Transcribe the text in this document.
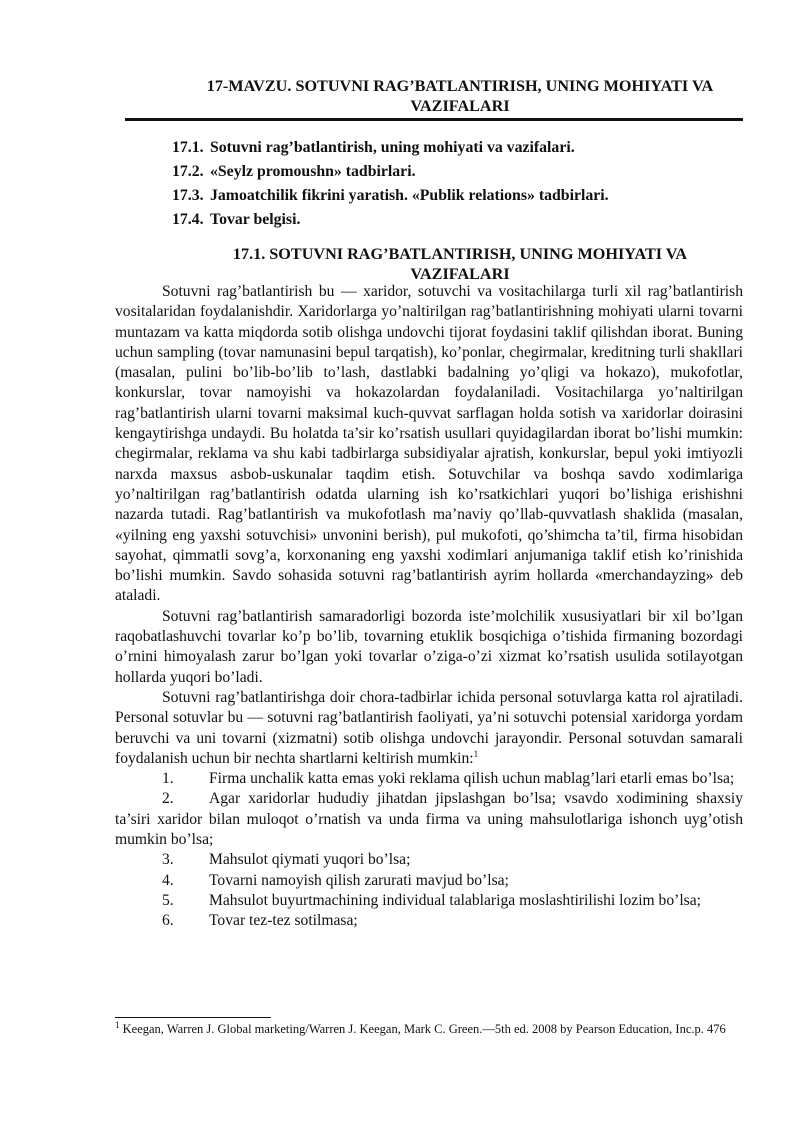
17-MAVZU. SOTUVNI RAG’BATLANTIRISH, UNING MOHIYATI VA
VAZIFALARI
17.1. Sotuvni rag’batlantirish, uning mohiyati va vazifalari.
17.2. «Seylz promoushn» tadbirlari.
17.3. Jamoatchilik fikrini yaratish. «Publik relations» tadbirlari.
17.4. Tovar belgisi.
17.1. SOTUVNI RAG’BATLANTIRISH, UNING MOHIYATI VA
VAZIFALARI

Sotuvni rag’batlantirish bu — xaridor, sotuvchi va vositachilarga turli xil rag’batlantirish vositalaridan foydalanishdir. Xaridorlarga yo’naltirilgan rag’batlantirishning mohiyati ularni tovarni muntazam va katta miqdorda sotib olishga undovchi tijorat foydasini taklif qilishdan iborat. Buning uchun sampling (tovar namunasini bepul tarqatish), ko’ponlar, chegirmalar, kreditning turli shakllari (masalan, pulini bo’lib-bo’lib to’lash, dastlabki badalning yo’qligi va hokazo), mukofotlar, konkurslar, tovar namoyishi va hokazolardan foydalaniladi. Vositachilarga yo’naltirilgan rag’batlantirish ularni tovarni maksimal kuch-quvvat sarflagan holda sotish va xaridorlar doirasini kengaytirishga undaydi. Bu holatda ta’sir ko’rsatish usullari quyidagilardan iborat bo’lishi mumkin: chegirmalar, reklama va shu kabi tadbirlarga subsidiyalar ajratish, konkurslar, bepul yoki imtiyozli narxda maxsus asbob-uskunalar taqdim etish. Sotuvchilar va boshqa savdo xodimlariga yo’naltirilgan rag’batlantirish odatda ularning ish ko’rsatkichlari yuqori bo’lishiga erishishni nazarda tutadi. Rag’batlantirish va mukofotlash ma’naviy qo’llab-quvvatlash shaklida (masalan, «yilning eng yaxshi sotuvchisi» unvonini berish), pul mukofoti, qo’shimcha ta’til, firma hisobidan sayohat, qimmatli sovg’a, korxonaning eng yaxshi xodimlari anjumaniga taklif etish ko’rinishida bo’lishi mumkin. Savdo sohasida sotuvni rag’batlantirish ayrim hollarda «merchandayzing» deb ataladi.

Sotuvni rag’batlantirish samaradorligi bozorda iste’molchilik xususiyatlari bir xil bo’lgan raqobatlashuvchi tovarlar ko’p bo’lib, tovarning etuklik bosqichiga o’tishida firmaning bozordagi o’rnini himoyalash zarur bo’lgan yoki tovarlar o’ziga-o’zi xizmat ko’rsatish usulida sotilayotgan hollarda yuqori bo’ladi.

Sotuvni rag’batlantirishga doir chora-tadbirlar ichida personal sotuvlarga katta rol ajratiladi. Personal sotuvlar bu — sotuvni rag’batlantirish faoliyati, ya’ni sotuvchi potensial xaridorga yordam beruvchi va uni tovarni (xizmatni) sotib olishga undovchi jarayondir. Personal sotuvdan samarali foydalanish uchun bir nechta shartlarni keltirish mumkin:$^1$

1. Firma unchalik katta emas yoki reklama qilish uchun mablag’lari etarli emas bo’lsa;

2. Agar xaridorlar hududiy jihatdan jipslashgan bo’lsa; vsavdo xodimining shaxsiy ta’siri xaridor bilan muloqot o’rnatish va unda firma va uning mahsulotlariga ishonch uyg’otish mumkin bo’lsa;

3. Mahsulot qiymati yuqori bo’lsa;

4. Tovarni namoyish qilish zarurati mavjud bo’lsa;

5. Mahsulot buyurtmachining individual talablariga moslashtirilishi lozim bo’lsa;

6. Tovar tez-tez sotilmasa;

$^1$ Keegan, Warren J. Global marketing/Warren J. Keegan, Mark C. Green.—5th ed. 2008 by Pearson Education, Inc.p. 476
